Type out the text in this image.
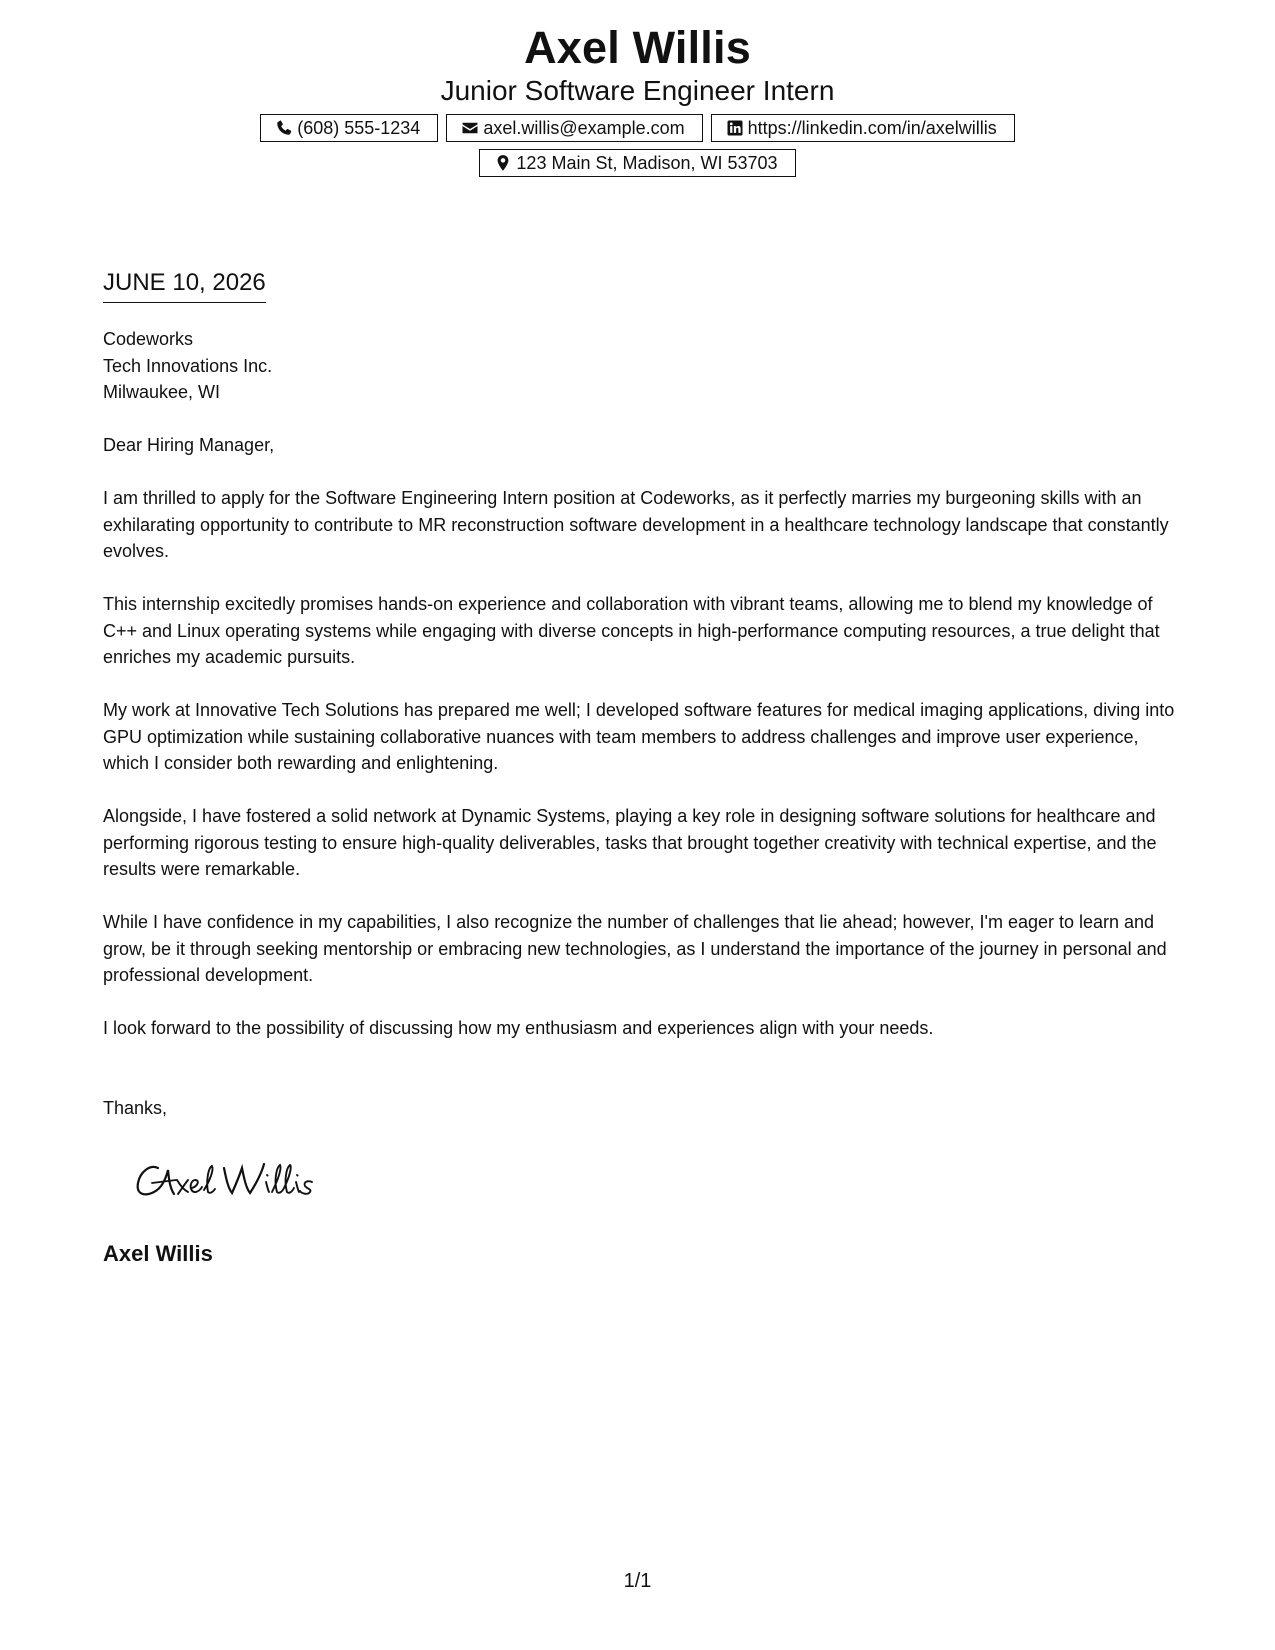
Axel Willis
Junior Software Engineer Intern
(608) 555-1234	axel.willis@example.com	https://linkedin.com/in/axelwillis
123 Main St, Madison, WI 53703
JUNE 10, 2026
Codeworks
Tech Innovations Inc.
Milwaukee, WI

Dear Hiring Manager,

I am thrilled to apply for the Software Engineering Intern position at Codeworks, as it perfectly marries my burgeoning skills with an exhilarating opportunity to contribute to MR reconstruction software development in a healthcare technology landscape that constantly evolves.

This internship excitedly promises hands-on experience and collaboration with vibrant teams, allowing me to blend my knowledge of C++ and Linux operating systems while engaging with diverse concepts in high-performance computing resources, a true delight that enriches my academic pursuits.

My work at Innovative Tech Solutions has prepared me well; I developed software features for medical imaging applications, diving into GPU optimization while sustaining collaborative nuances with team members to address challenges and improve user experience, which I consider both rewarding and enlightening.

Alongside, I have fostered a solid network at Dynamic Systems, playing a key role in designing software solutions for healthcare and performing rigorous testing to ensure high-quality deliverables, tasks that brought together creativity with technical expertise, and the results were remarkable.

While I have confidence in my capabilities, I also recognize the number of challenges that lie ahead; however, I'm eager to learn and grow, be it through seeking mentorship or embracing new technologies, as I understand the importance of the journey in personal and professional development.

I look forward to the possibility of discussing how my enthusiasm and experiences align with your needs.

Thanks,
Axel Willis
1/1
